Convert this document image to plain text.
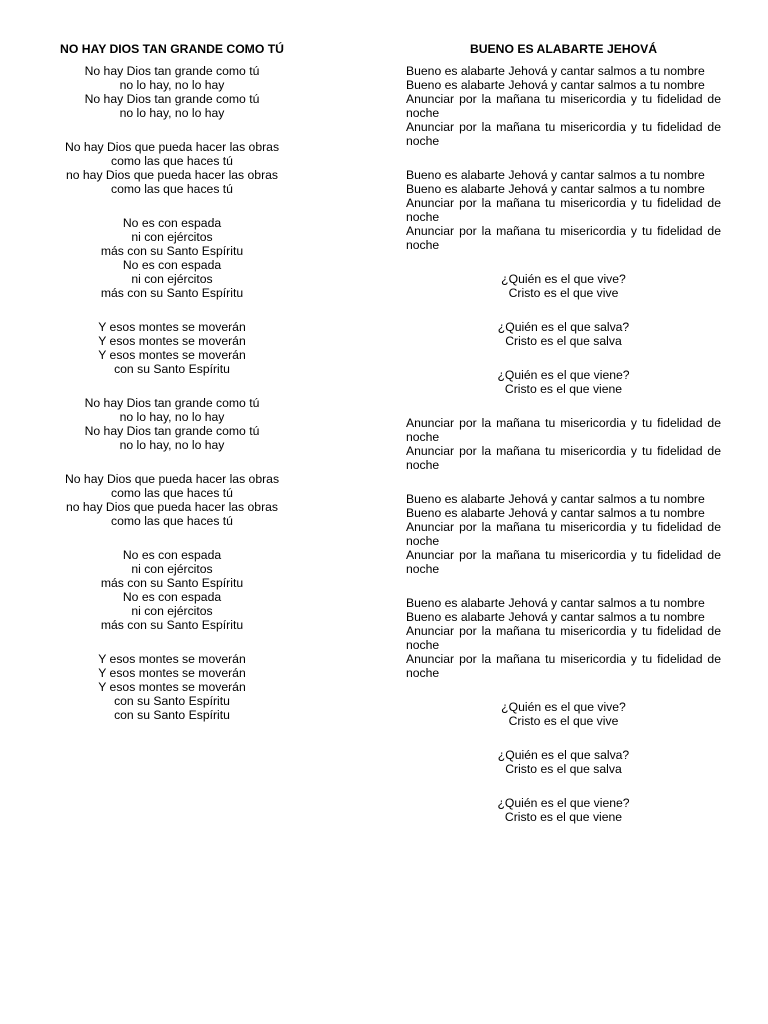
NO HAY DIOS TAN GRANDE COMO TÚ
No hay Dios tan grande como tú
no lo hay, no lo hay
No hay Dios tan grande como tú
no lo hay, no lo hay
No hay Dios que pueda hacer las obras
como las que haces tú
no hay Dios que pueda hacer las obras
como las que haces tú
No es con espada
ni con ejércitos
más con su Santo Espíritu
No es con espada
ni con ejércitos
más con su Santo Espíritu
Y esos montes se moverán
Y esos montes se moverán
Y esos montes se moverán
con su Santo Espíritu
No hay Dios tan grande como tú
no lo hay, no lo hay
No hay Dios tan grande como tú
no lo hay, no lo hay
No hay Dios que pueda hacer las obras
como las que haces tú
no hay Dios que pueda hacer las obras
como las que haces tú
No es con espada
ni con ejércitos
más con su Santo Espíritu
No es con espada
ni con ejércitos
más con su Santo Espíritu
Y esos montes se moverán
Y esos montes se moverán
Y esos montes se moverán
con su Santo Espíritu
con su Santo Espíritu
BUENO ES ALABARTE JEHOVÁ
Bueno es alabarte Jehová y cantar salmos a tu nombre
Bueno es alabarte Jehová y cantar salmos a tu nombre
Anunciar por la mañana tu misericordia y tu fidelidad de noche
Anunciar por la mañana tu misericordia y tu fidelidad de noche
Bueno es alabarte Jehová y cantar salmos a tu nombre
Bueno es alabarte Jehová y cantar salmos a tu nombre
Anunciar por la mañana tu misericordia y tu fidelidad de noche
Anunciar por la mañana tu misericordia y tu fidelidad de noche
¿Quién es el que vive?
Cristo es el que vive
¿Quién es el que salva?
Cristo es el que salva
¿Quién es el que viene?
Cristo es el que viene
Anunciar por la mañana tu misericordia y tu fidelidad de noche
Anunciar por la mañana tu misericordia y tu fidelidad de noche
Bueno es alabarte Jehová y cantar salmos a tu nombre
Bueno es alabarte Jehová y cantar salmos a tu nombre
Anunciar por la mañana tu misericordia y tu fidelidad de noche
Anunciar por la mañana tu misericordia y tu fidelidad de noche
Bueno es alabarte Jehová y cantar salmos a tu nombre
Bueno es alabarte Jehová y cantar salmos a tu nombre
Anunciar por la mañana tu misericordia y tu fidelidad de noche
Anunciar por la mañana tu misericordia y tu fidelidad de noche
¿Quién es el que vive?
Cristo es el que vive
¿Quién es el que salva?
Cristo es el que salva
¿Quién es el que viene?
Cristo es el que viene
